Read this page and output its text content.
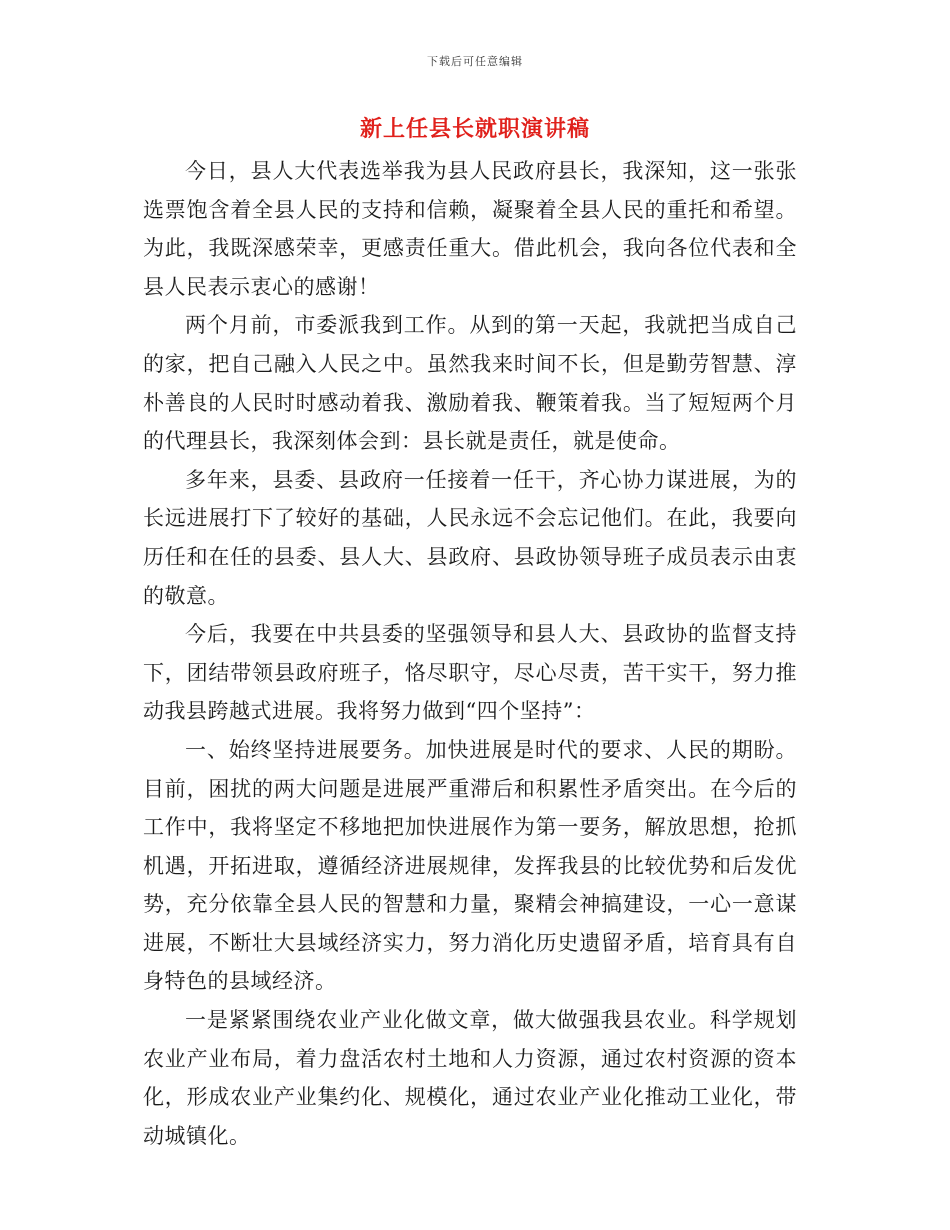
下载后可任意编辑
新上任县长就职演讲稿

今日，县人大代表选举我为县人民政府县长，我深知，这一张张选票饱含着全县人民的支持和信赖，凝聚着全县人民的重托和希望。为此，我既深感荣幸，更感责任重大。借此机会，我向各位代表和全县人民表示衷心的感谢！

两个月前，市委派我到工作。从到的第一天起，我就把当成自己的家，把自己融入人民之中。虽然我来时间不长，但是勤劳智慧、淳朴善良的人民时时感动着我、激励着我、鞭策着我。当了短短两个月的代理县长，我深刻体会到：县长就是责任，就是使命。

多年来，县委、县政府一任接着一任干，齐心协力谋进展，为的长远进展打下了较好的基础，人民永远不会忘记他们。在此，我要向历任和在任的县委、县人大、县政府、县政协领导班子成员表示由衷的敬意。

今后，我要在中共县委的坚强领导和县人大、县政协的监督支持下，团结带领县政府班子，恪尽职守，尽心尽责，苦干实干，努力推动我县跨越式进展。我将努力做到“四个坚持”：

一、始终坚持进展要务。加快进展是时代的要求、人民的期盼。目前，困扰的两大问题是进展严重滞后和积累性矛盾突出。在今后的工作中，我将坚定不移地把加快进展作为第一要务，解放思想，抢抓机遇，开拓进取，遵循经济进展规律，发挥我县的比较优势和后发优势，充分依靠全县人民的智慧和力量，聚精会神搞建设，一心一意谋进展，不断壮大县域经济实力，努力消化历史遗留矛盾，培育具有自身特色的县域经济。

一是紧紧围绕农业产业化做文章，做大做强我县农业。科学规划农业产业布局，着力盘活农村土地和人力资源，通过农村资源的资本化，形成农业产业集约化、规模化，通过农业产业化推动工业化，带动城镇化。
